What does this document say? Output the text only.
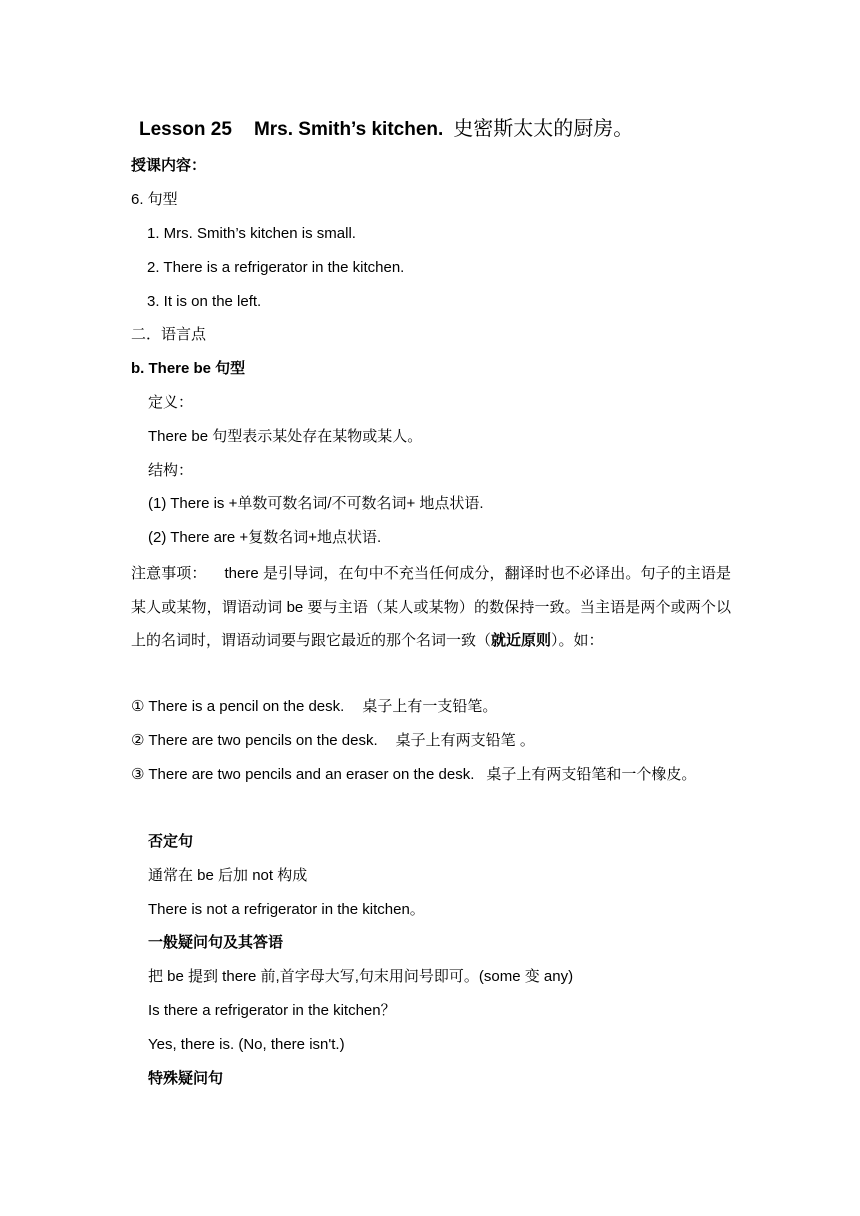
Lesson 25 Mrs. Smith’s kitchen. 史密斯太太的厨房。
授课内容：
6. 句型
1. Mrs. Smith’s kitchen is small.
2. There is a refrigerator in the kitchen.
3. It is on the left.
二．语言点
b. There be 句型
定义：
There be 句型表示某处存在某物或某人。
结构：
(1) There is +单数可数名词/不可数名词+ 地点状语.
(2) There are +复数名词+地点状语.
注意事项： there 是引导词，在句中不充当任何成分，翻译时也不必译出。句子的主语是某人或某物，谓语动词 be 要与主语（某人或某物）的数保持一致。当主语是两个或两个以上的名词时，谓语动词要与跟它最近的那个名词一致（就近原则）。如：
① There is a pencil on the desk. 桌子上有一支铅笔。
② There are two pencils on the desk. 桌子上有两支铅笔 。
③ There are two pencils and an eraser on the desk. 桌子上有两支铅笔和一个橡皮。
否定句
通常在 be 后加 not 构成
There is not a refrigerator in the kitchen。
一般疑问句及其答语
把 be 提到 there 前,首字母大写,句末用问号即可。(some 变 any)
Is there a refrigerator in the kitchen？
Yes, there is. (No, there isn't.)
特殊疑问句
